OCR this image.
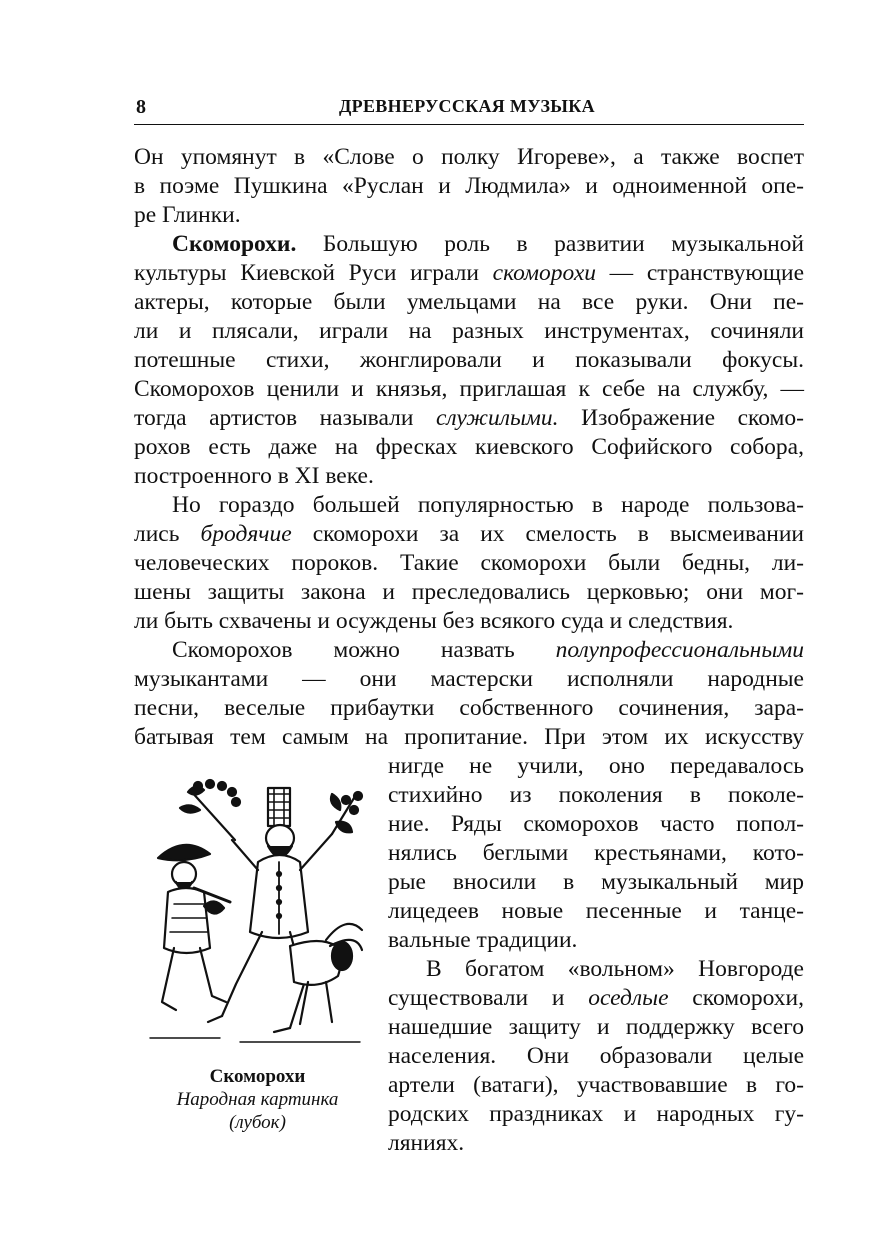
8	ДРЕВНЕРУССКАЯ МУЗЫКА
Он упомянут в «Слове о полку Игореве», а также воспет
в поэме Пушкина «Руслан и Людмила» и одноименной опе-
ре Глинки.
Скоморохи. Большую роль в развитии музыкальной
культуры Киевской Руси играли скоморохи — странствующие
актеры, которые были умельцами на все руки. Они пе-
ли и плясали, играли на разных инструментах, сочиняли
потешные стихи, жонглировали и показывали фокусы.
Скоморохов ценили и князья, приглашая к себе на службу, —
тогда артистов называли служилыми. Изображение скомо-
рохов есть даже на фресках киевского Софийского собора,
построенного в XI веке.
Но гораздо большей популярностью в народе пользова-
лись бродячие скоморохи за их смелость в высмеивании
человеческих пороков. Такие скоморохи были бедны, ли-
шены защиты закона и преследовались церковью; они мог-
ли быть схвачены и осуждены без всякого суда и следствия.
Скоморохов можно назвать полупрофессиональными
музыкантами — они мастерски исполняли народные
песни, веселые прибаутки собственного сочинения, зара-
батывая тем самым на пропитание. При этом их искусству
нигде не учили, оно передавалось
стихийно из поколения в поколе-
ние. Ряды скоморохов часто попол-
нялись беглыми крестьянами, кото-
рые вносили в музыкальный мир
лицедеев новые песенные и танце-
вальные традиции.
В богатом «вольном» Новгороде
существовали и оседлые скоморохи,
нашедшие защиту и поддержку всего
населения. Они образовали целые
артели (ватаги), участвовавшие в го-
родских праздниках и народных гу-
ляниях.
Скоморохи
Народная картинка
(лубок)
